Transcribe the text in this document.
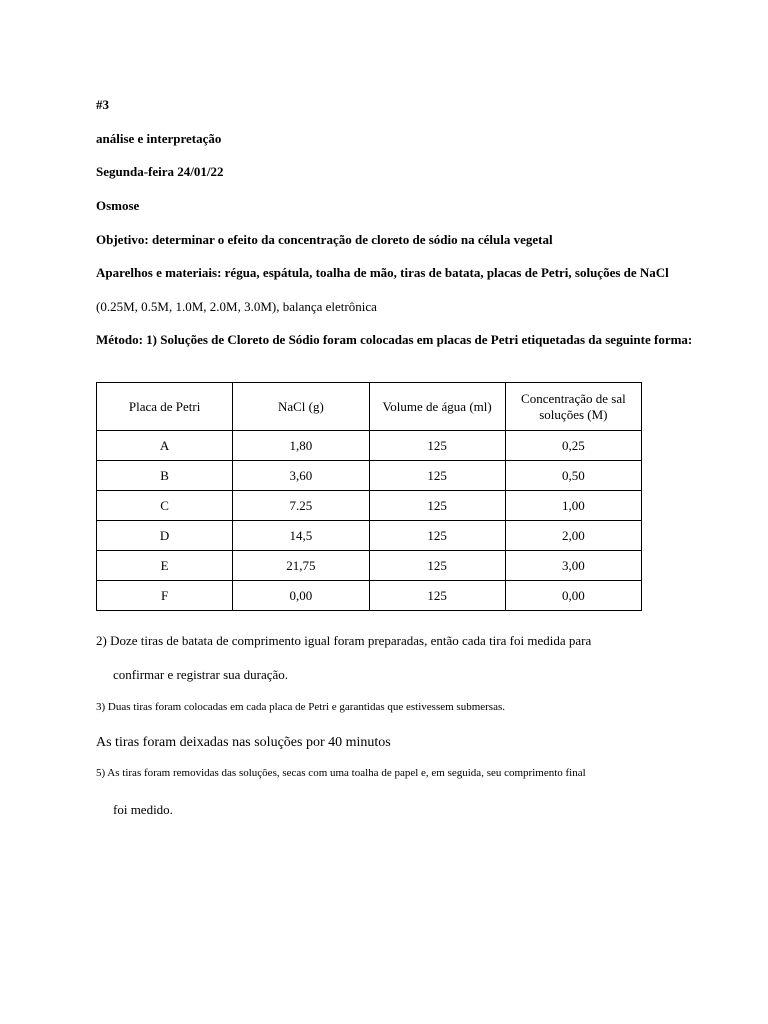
#3
análise e interpretação
Segunda-feira 24/01/22
Osmose
Objetivo: determinar o efeito da concentração de cloreto de sódio na célula vegetal
Aparelhos e materiais: régua, espátula, toalha de mão, tiras de batata, placas de Petri, soluções de NaCl
(0.25M, 0.5M, 1.0M, 2.0M, 3.0M), balança eletrônica
Método: 1) Soluções de Cloreto de Sódio foram colocadas em placas de Petri etiquetadas da seguinte forma:
Placa de Petri	NaCl (g)	Volume de água (ml)	Concentração de sal soluções (M)
A	1,80	125	0,25
B	3,60	125	0,50
C	7.25	125	1,00
D	14,5	125	2,00
E	21,75	125	3,00
F	0,00	125	0,00
2) Doze tiras de batata de comprimento igual foram preparadas, então cada tira foi medida para
confirmar e registrar sua duração.
3) Duas tiras foram colocadas em cada placa de Petri e garantidas que estivessem submersas.
As tiras foram deixadas nas soluções por 40 minutos
5) As tiras foram removidas das soluções, secas com uma toalha de papel e, em seguida, seu comprimento final
foi medido.
